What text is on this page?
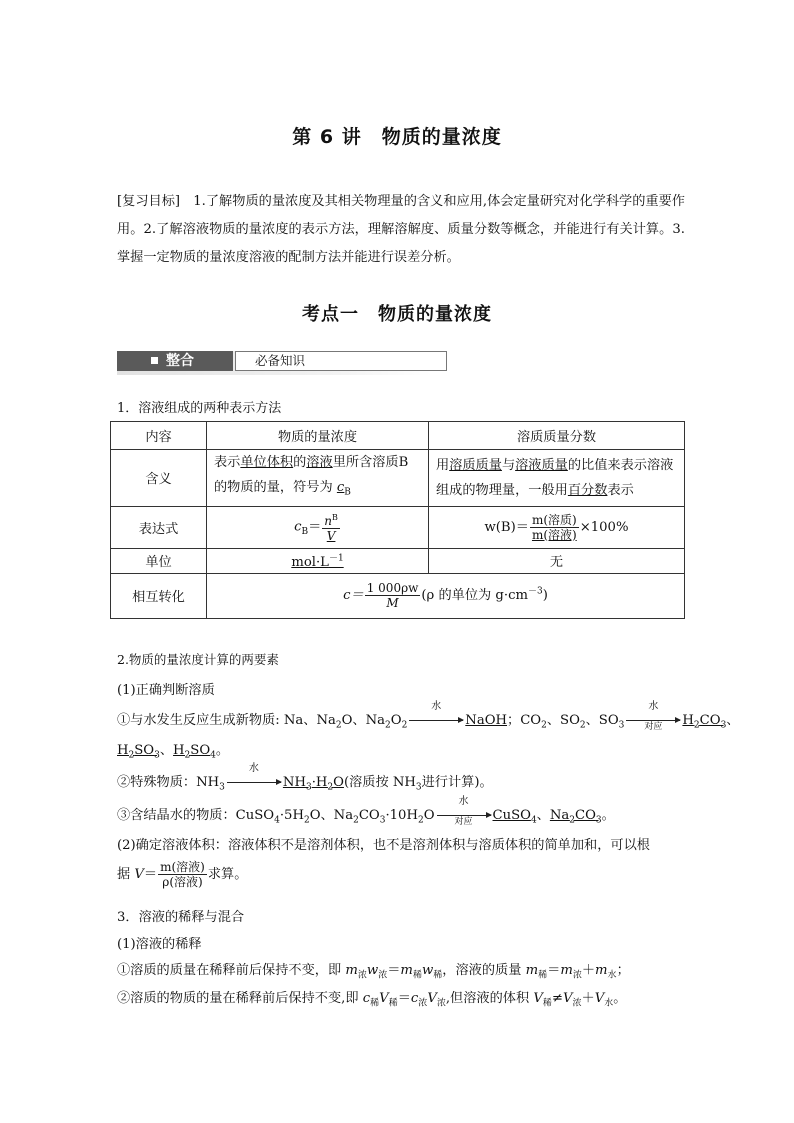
第 6 讲　物质的量浓度
[复习目标]　1.了解物质的量浓度及其相关物理量的含义和应用,体会定量研究对化学科学的重要作用。2.了解溶液物质的量浓度的表示方法，理解溶解度、质量分数等概念，并能进行有关计算。3.掌握一定物质的量浓度溶液的配制方法并能进行误差分析。
考点一　物质的量浓度
整合	必备知识
1．溶液组成的两种表示方法
内容	物质的量浓度	溶质质量分数
含义	表示单位体积的溶液里所含溶质B 的物质的量，符号为 $c_B$	用溶质质量与溶液质量的比值来表示溶液组成的物理量，一般用百分数表示
表达式	$c_B= \frac{n^B}{V}$	$w(B)= \frac{\text{m(溶质)}}{\text{m(溶液)}} \times 100\%$
单位	$mol\cdot L^{-1}$	无
相互转化	$c= \frac{1 000\rho w}{M} (\rho$ 的单位为 $g\cdot cm^{-3}$)	
2.物质的量浓度计算的两要素
(1)正确判断溶质
①与水发生反应生成新物质: Na、$Na_2O$、$Na_2O_2$
水
NaOH；$CO_2$、$SO_2$、$SO_3$
水
对应	$H_2CO_3$、
$H_2SO_3$、$H_2SO_4$。
②特殊物质：$NH_3$
水
$NH_3\cdot H_2O$(溶质按 $NH_3$进行计算)。
③含结晶水的物质：$CuSO_4\cdot 5H_2O$、$Na_2CO_3\cdot 10H_2O$
水
对应	CuSO$_4$、$Na_2CO_3$。
(2)确定溶液体积：溶液体积不是溶剂体积，也不是溶剂体积与溶质体积的简单加和，可以根
据 $V= \frac{\text{m(溶液)}}{\text{ρ(溶液)}}$ 求算。
3．溶液的稀释与混合
(1)溶液的稀释
①溶质的质量在稀释前后保持不变，即 $m_浓w_浓=m_稀w_稀$，溶液的质量 $m_稀=m_浓+m_水$；
②溶质的物质的量在稀释前后保持不变,即 $c_稀V_稀=c_浓V_浓$,但溶液的体积 $V_稀\ne V_浓+V_水$。
